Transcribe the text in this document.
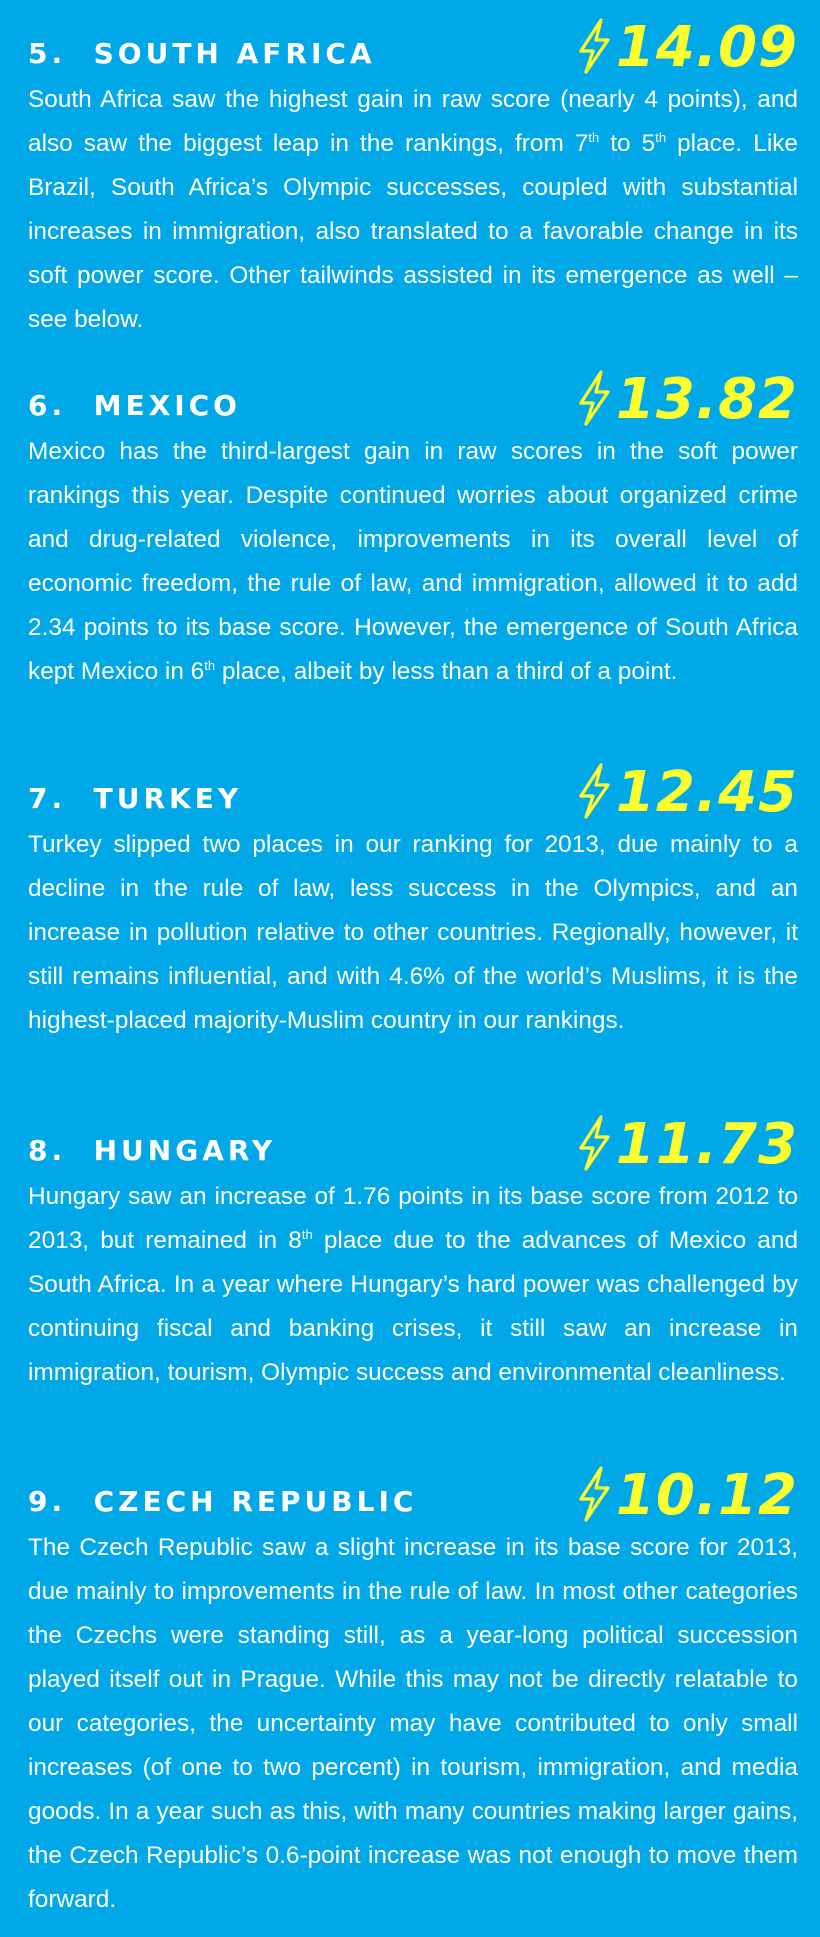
5. SOUTH AFRICA	14.09

South Africa saw the highest gain in raw score (nearly 4 points), and also saw the biggest leap in the rankings, from 7th to 5th place. Like Brazil, South Africa’s Olympic successes, coupled with substantial increases in immigration, also translated to a favorable change in its soft power score. Other tailwinds assisted in its emergence as well – see below.

6. MEXICO	13.82

Mexico has the third-largest gain in raw scores in the soft power rankings this year. Despite continued worries about organized crime and drug-related violence, improvements in its overall level of economic freedom, the rule of law, and immigration, allowed it to add 2.34 points to its base score. However, the emergence of South Africa kept Mexico in 6th place, albeit by less than a third of a point.

7. TURKEY	12.45

Turkey slipped two places in our ranking for 2013, due mainly to a decline in the rule of law, less success in the Olympics, and an increase in pollution relative to other countries. Regionally, however, it still remains influential, and with 4.6% of the world’s Muslims, it is the highest-placed majority-Muslim country in our rankings.

8. HUNGARY	11.73

Hungary saw an increase of 1.76 points in its base score from 2012 to 2013, but remained in 8th place due to the advances of Mexico and South Africa. In a year where Hungary’s hard power was challenged by continuing fiscal and banking crises, it still saw an increase in immigration, tourism, Olympic success and environmental cleanliness.

9. CZECH REPUBLIC	10.12

The Czech Republic saw a slight increase in its base score for 2013, due mainly to improvements in the rule of law. In most other categories the Czechs were standing still, as a year-long political succession played itself out in Prague. While this may not be directly relatable to our categories, the uncertainty may have contributed to only small increases (of one to two percent) in tourism, immigration, and media goods. In a year such as this, with many countries making larger gains, the Czech Republic’s 0.6-point increase was not enough to move them forward.
